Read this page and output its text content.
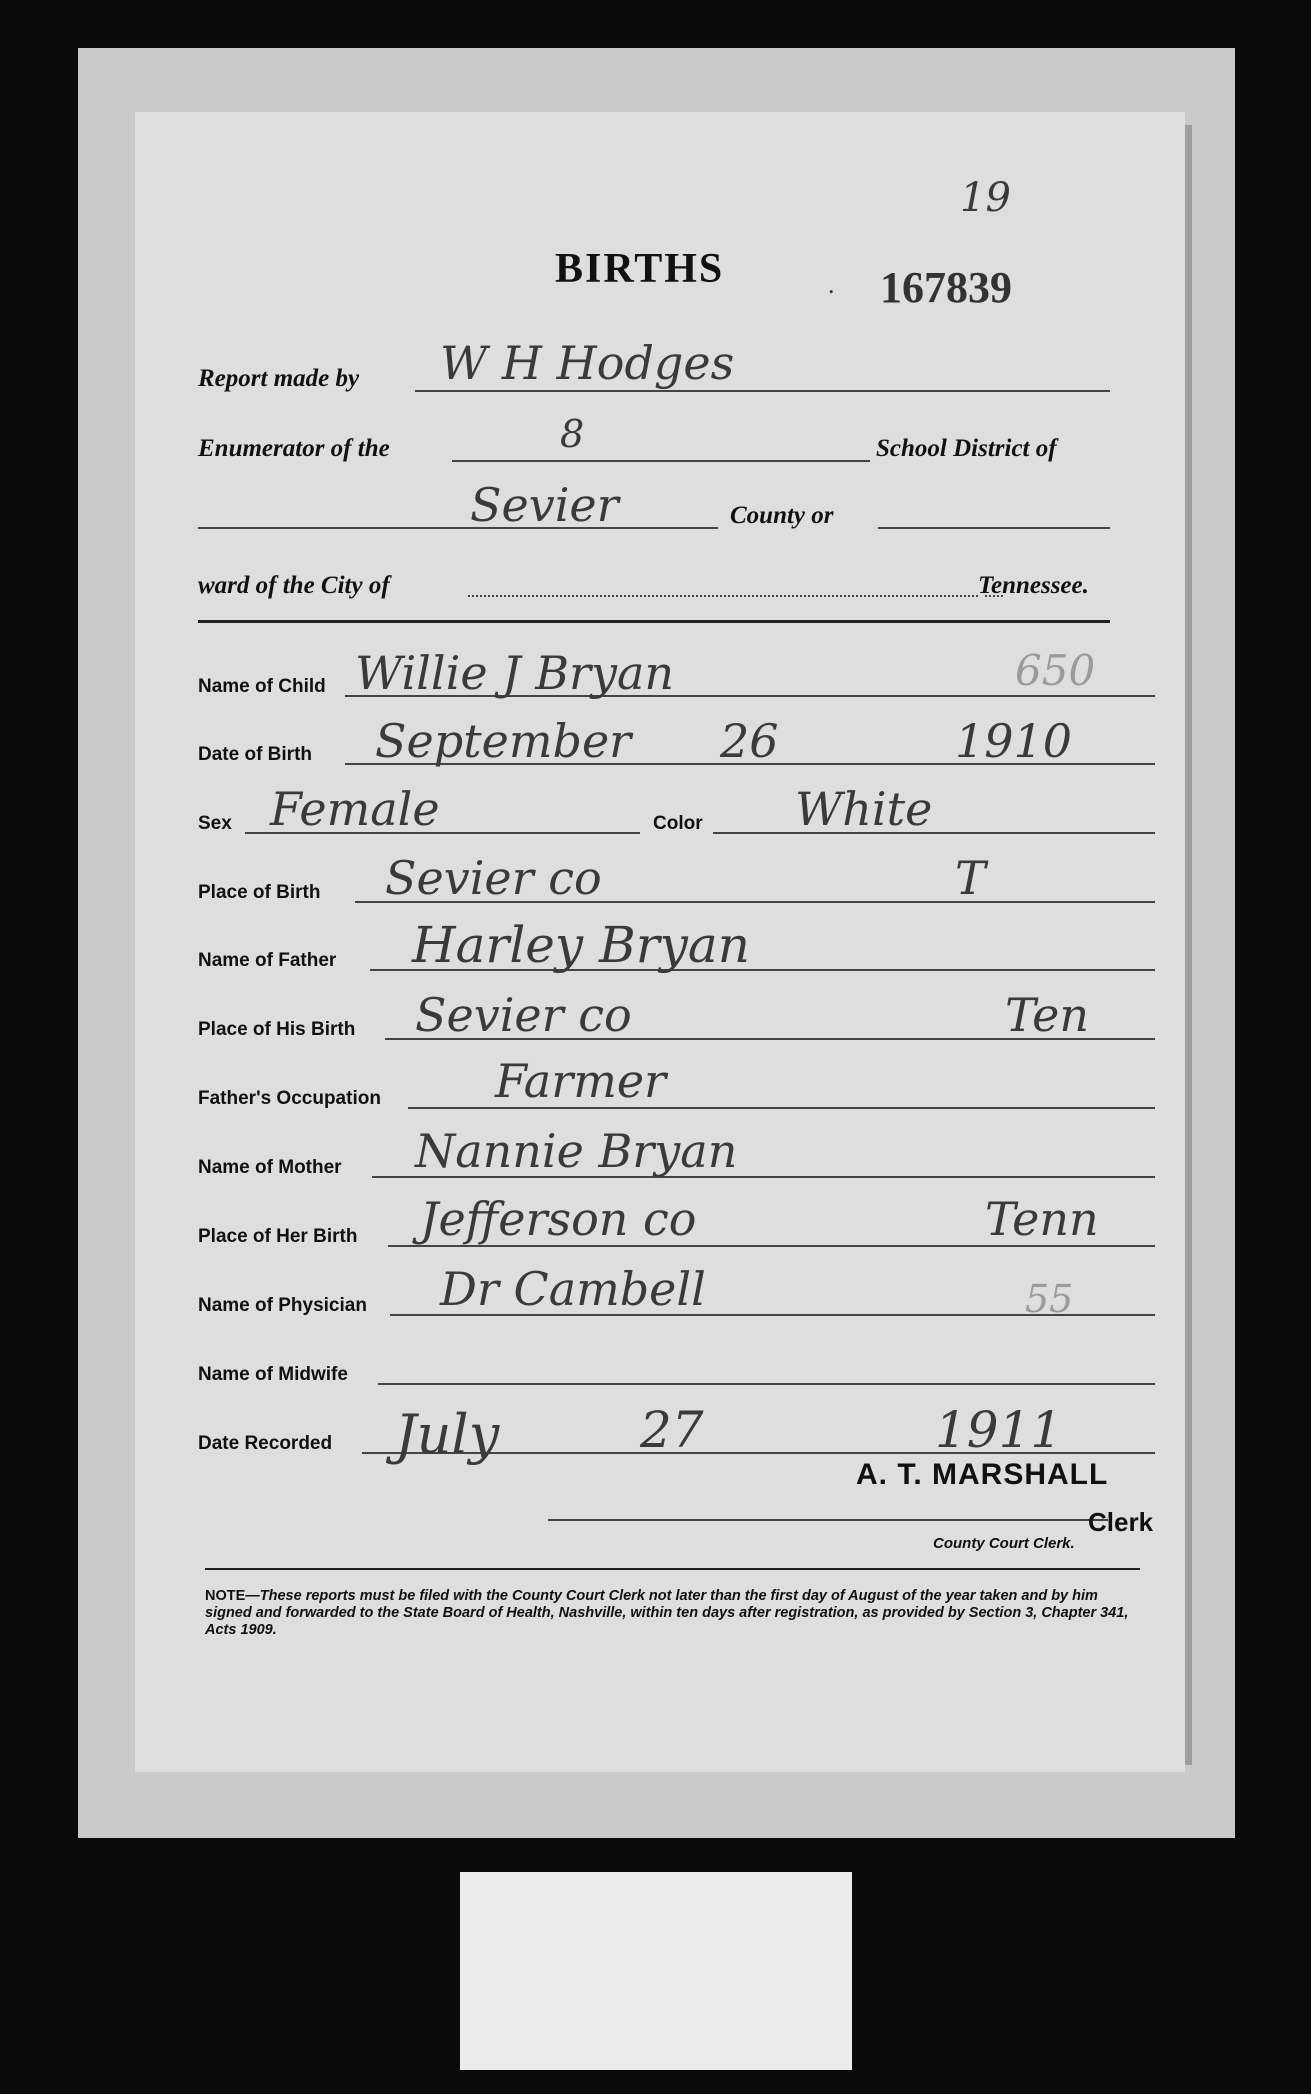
19
BIRTHS	. 167839
Report made by W H Hodges
Enumerator of the	8	School District of
Sevier	County or
ward of the City of	Tennessee.
Name of Child Willie J Bryan	650
Date of Birth September 26	1910
Sex Female	Color White
Place of Birth Sevier co	T
Name of Father Harley Bryan
Place of His Birth Sevier co	Ten
Father's Occupation Farmer
Name of Mother Nannie Bryan
Place of Her Birth Jefferson co	Tenn
Name of Physician Dr Cambell	55
Name of Midwife
Date Recorded July	27	1911
A. T. MARSHALL
Clerk
County Court Clerk.
NOTE—These reports must be filed with the County Court Clerk not later than the first day of August of the year taken and by him signed and forwarded to the State Board of Health, Nashville, within ten days after registration, as provided by Section 3, Chapter 341, Acts 1909.
